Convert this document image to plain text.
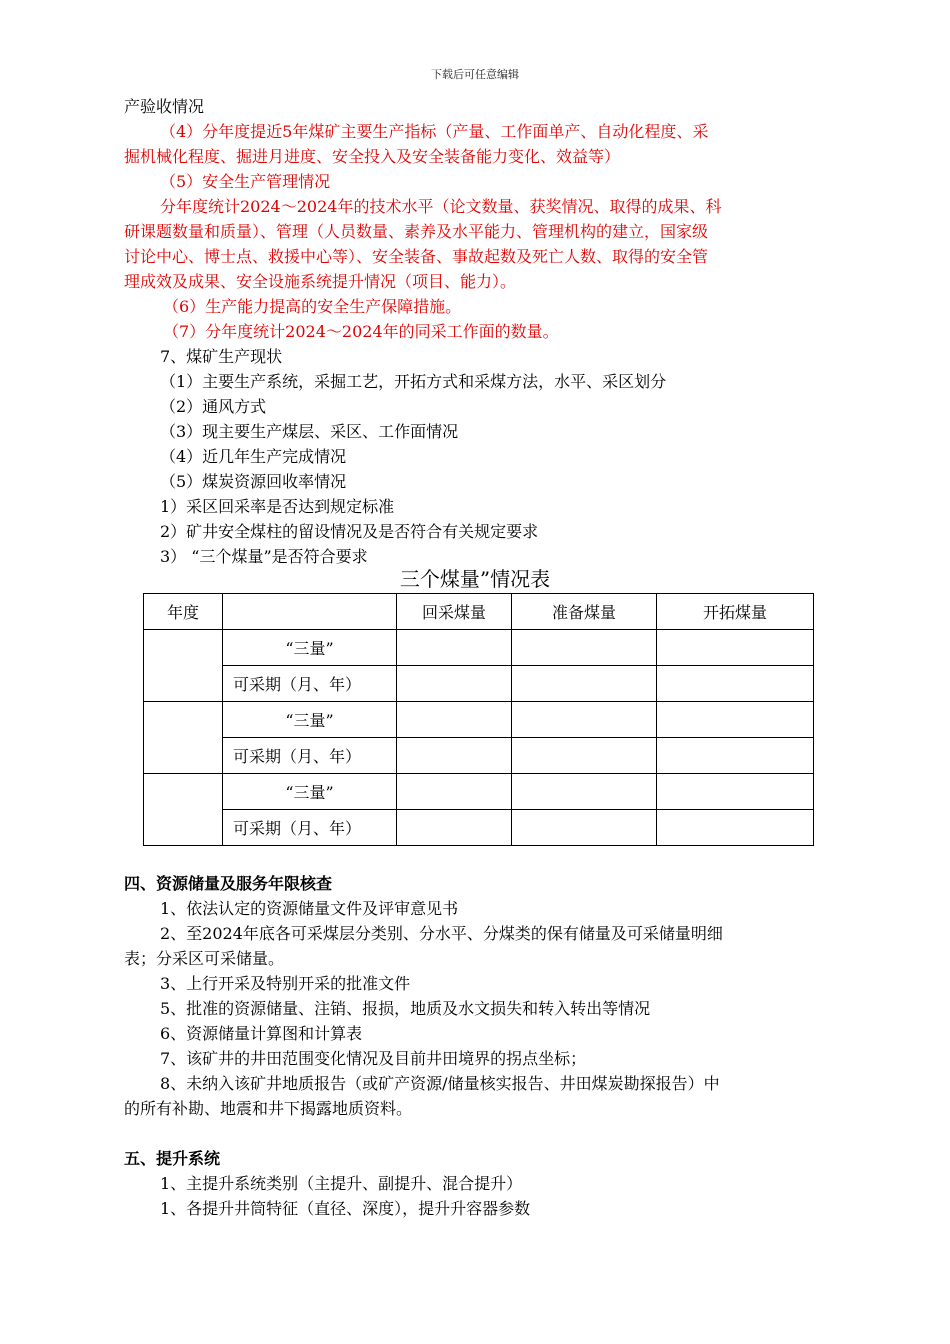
下载后可任意编辑
产验收情况
（4）分年度提近5年煤矿主要生产指标（产量、工作面单产、自动化程度、采
掘机械化程度、掘进月进度、安全投入及安全装备能力变化、效益等）
（5）安全生产管理情况
分年度统计2024～2024年的技术水平（论文数量、获奖情况、取得的成果、科
研课题数量和质量）、管理（人员数量、素养及水平能力、管理机构的建立，国家级
讨论中心、博士点、救援中心等）、安全装备、事故起数及死亡人数、取得的安全管
理成效及成果、安全设施系统提升情况（项目、能力）。
（6）生产能力提高的安全生产保障措施。
（7）分年度统计2024～2024年的同采工作面的数量。
7、煤矿生产现状
（1）主要生产系统，采掘工艺，开拓方式和采煤方法，水平、采区划分
（2）通风方式
（3）现主要生产煤层、采区、工作面情况
（4）近几年生产完成情况
（5）煤炭资源回收率情况
1）采区回采率是否达到规定标准
2）矿井安全煤柱的留设情况及是否符合有关规定要求
3） “三个煤量”是否符合要求
四、资源储量及服务年限核查
1、依法认定的资源储量文件及评审意见书
2、至2024年底各可采煤层分类别、分水平、分煤类的保有储量及可采储量明细
表；分采区可采储量。
3、上行开采及特别开采的批准文件
5、批准的资源储量、注销、报损，地质及水文损失和转入转出等情况
6、资源储量计算图和计算表
7、该矿井的井田范围变化情况及目前井田境界的拐点坐标；
8、未纳入该矿井地质报告（或矿产资源/储量核实报告、井田煤炭勘探报告）中
的所有补勘、地震和井下揭露地质资料。
五、提升系统
1、主提升系统类别（主提升、副提升、混合提升）
1、各提升井筒特征（直径、深度），提升升容器参数
三个煤量”情况表
年度		回采煤量	准备煤量	开拓煤量
	“三量”			
	可采期（月、年）			
	“三量”			
	可采期（月、年）			
	“三量”			
	可采期（月、年）			
